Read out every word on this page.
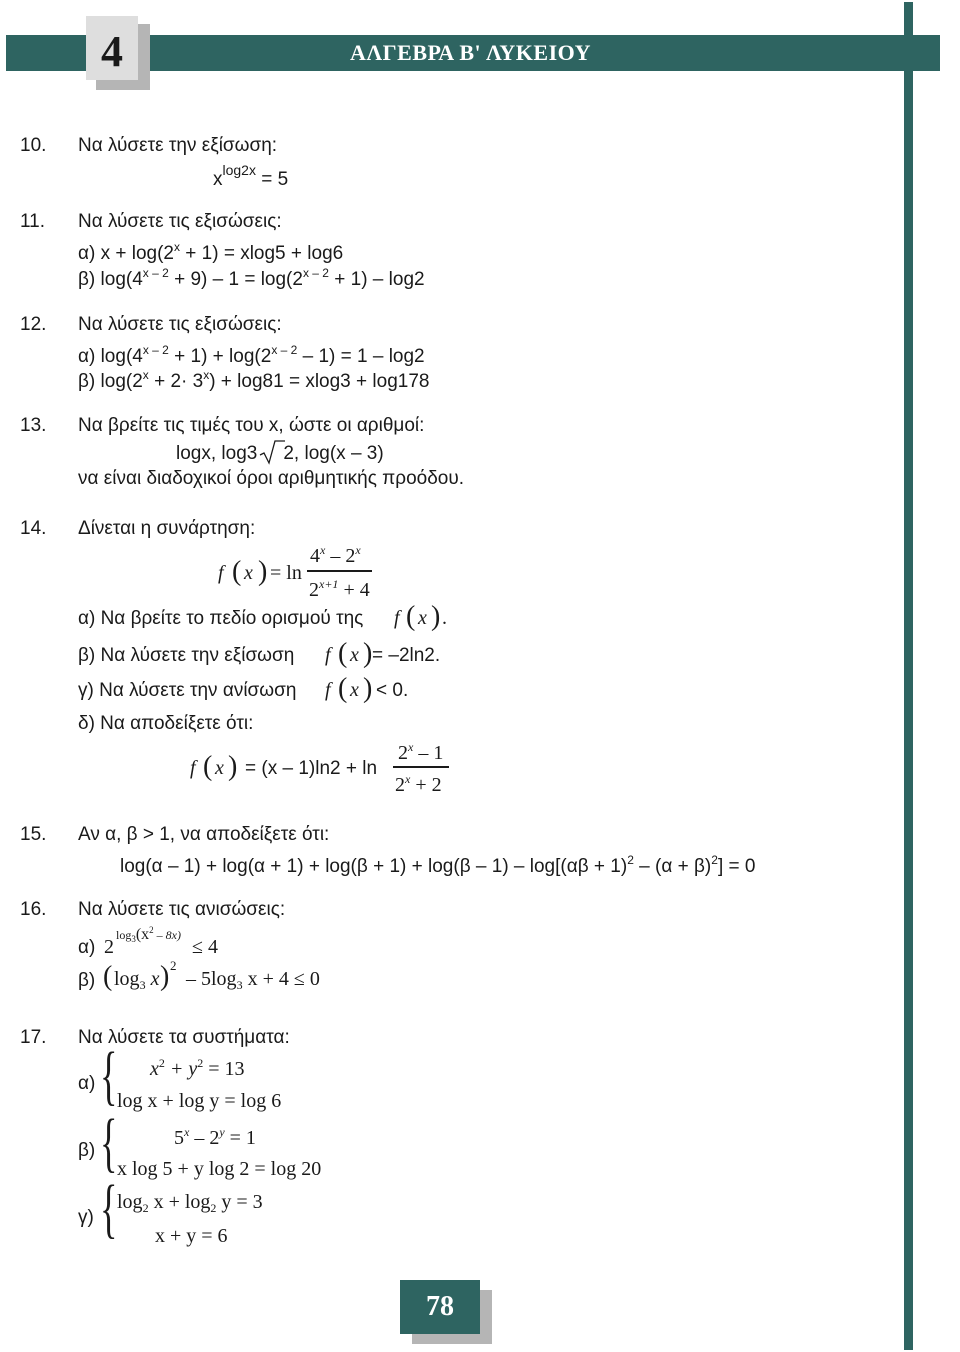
4	ΑΛΓΕΒΡΑ Β' ΛΥΚΕΙΟΥ
10. Να λύσετε την εξίσωση:
$x^{log2x} = 5$
11. Να λύσετε τις εξισώσεις:
α) $x + \log(2^x + 1) = xlog5 + \log 6$
β) $\log(4^{x - 2} + 9) - 1 = \log(2^{x - 2} + 1) - \log 2$
12. Να λύσετε τις εξισώσεις:
α) $\log(4^{x - 2} + 1) + \log(2^{x - 2} - 1) = 1 - \log 2$
β) $\log(2^x + 2\cdot 3^x) + \log 81 = xlog3 + \log 178$
13. Να βρείτε τις τιμές του x, ώστε οι αριθμοί:
logx, log3 2, log(x – 3)
να είναι διαδοχικοί όροι αριθμητικής προόδου.
14. Δίνεται η συνάρτηση:
f ( x ) = ln
4$^x$ – 2$^x$
$2^{x+1} + 4$
α) Να βρείτε το πεδίο ορισμού της f ( x ) .
β) Να λύσετε την εξίσωση f ( x ) = –2ln2.
γ) Να λύσετε την ανίσωση f ( x ) < 0.
δ) Να αποδείξετε ότι:
f ( x ) = (x – 1)ln2 + ln
2$^x$ – 1
$2^x + 2$
15. Αν α, β > 1, να αποδείξετε ότι:
$\log(\alpha - 1) + \log(\alpha + 1) + \log(\beta + 1) + \log(\beta - 1) - \log[(\alpha\beta + 1)^2 - (\alpha + \beta)^2] = 0$
16. Να λύσετε τις ανισώσεις:
α) 2
$\log_3(x^2 - 8x)$
≤ 4
β) ( $\log_3 x$ ) 2
– $5\log_3$ x + 4 ≤ 0
17. Να λύσετε τα συστήματα:
α) { $x^2 + y^2 = 13$
log x + log y = log 6
β) {	$5^x - 2^y = 1$
x log 5 + y log 2 = log 20
γ) { $\log_2 x + \log_2 y = 3$
x + y = 6
78
